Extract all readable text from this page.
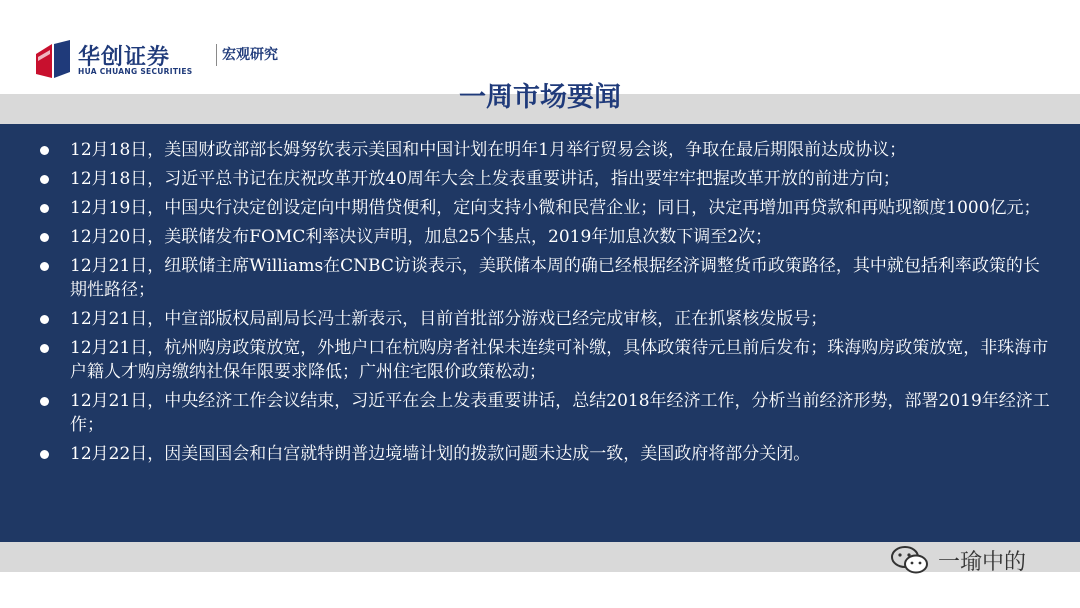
华创证券
HUA CHUANG SECURITIES
宏观研究
一周市场要闻
12月18日，美国财政部部长姆努钦表示美国和中国计划在明年1月举行贸易会谈，争取在最后期限前达成协议；
12月18日，习近平总书记在庆祝改革开放40周年大会上发表重要讲话，指出要牢牢把握改革开放的前进方向；
12月19日，中国央行决定创设定向中期借贷便利，定向支持小微和民营企业；同日，决定再增加再贷款和再贴现额度1000亿元；
12月20日，美联储发布FOMC利率决议声明，加息25个基点，2019年加息次数下调至2次；
12月21日，纽联储主席Williams在CNBC访谈表示，美联储本周的确已经根据经济调整货币政策路径，其中就包括利率政策的长期性路径；
12月21日，中宣部版权局副局长冯士新表示，目前首批部分游戏已经完成审核，正在抓紧核发版号；
12月21日，杭州购房政策放宽，外地户口在杭购房者社保未连续可补缴，具体政策待元旦前后发布；珠海购房政策放宽，非珠海市户籍人才购房缴纳社保年限要求降低；广州住宅限价政策松动；
12月21日，中央经济工作会议结束，习近平在会上发表重要讲话，总结2018年经济工作，分析当前经济形势，部署2019年经济工作；
12月22日，因美国国会和白宫就特朗普边境墙计划的拨款问题未达成一致，美国政府将部分关闭。
一瑜中的
